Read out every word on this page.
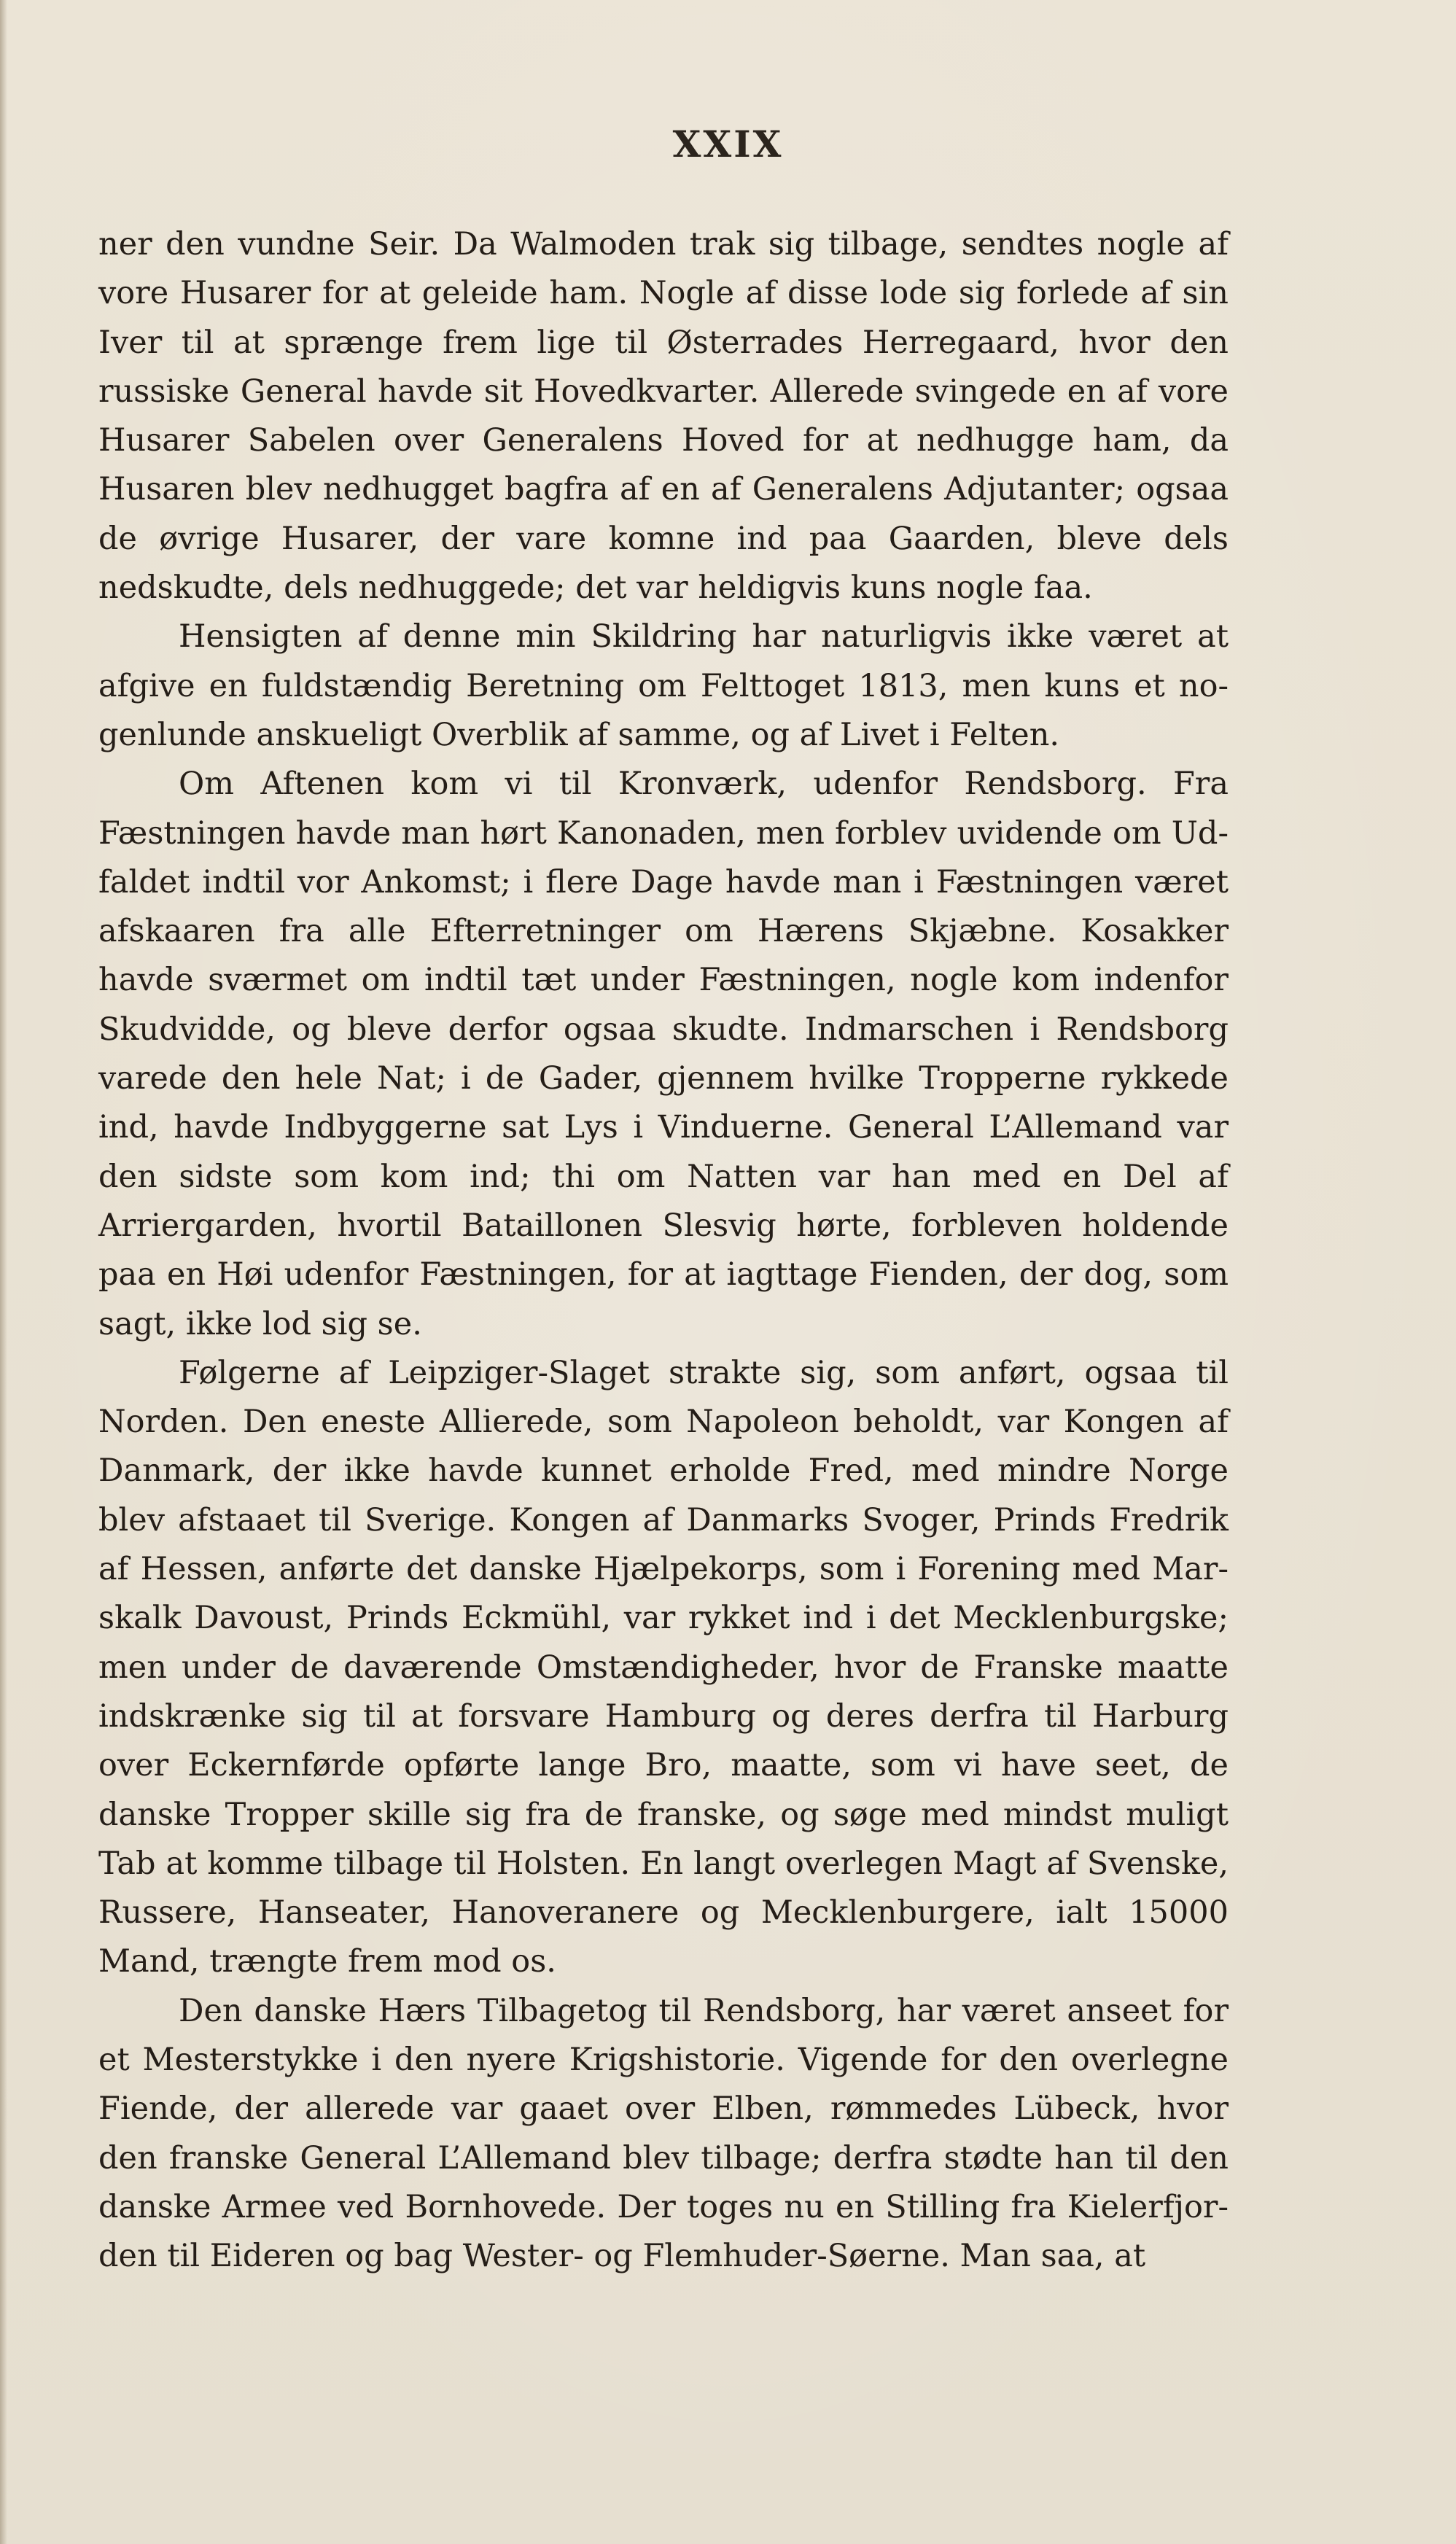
XXIX

ner den vundne Seir. Da Walmoden trak sig tilbage, sendtes nogle af vore Husarer for at geleide ham. Nogle af disse lode sig forlede af sin Iver til at sprænge frem lige til Østerrades Herregaard, hvor den russiske General havde sit Hovedkvarter. Allerede svingede en af vore Husarer Sabelen over Generalens Hoved for at nedhugge ham, da Husaren blev nedhugget bagfra af en af Generalens Adjutanter; ogsaa de øvrige Husarer, der vare komne ind paa Gaarden, bleve dels nedskudte, dels nedhuggede; det var heldigvis kuns nogle faa.

Hensigten af denne min Skildring har naturligvis ikke været at afgive en fuldstændig Beretning om Felttoget 1813, men kuns et nogenlunde anskueligt Overblik af samme, og af Livet i Felten.

Om Aftenen kom vi til Kronværk, udenfor Rendsborg. Fra Fæstningen havde man hørt Kanonaden, men forblev uvidende om Udfaldet indtil vor Ankomst; i flere Dage havde man i Fæstningen været afskaaren fra alle Efterretninger om Hærens Skjæbne. Kosakker havde sværmet om indtil tæt under Fæstningen, nogle kom indenfor Skudvidde, og bleve derfor ogsaa skudte. Indmarschen i Rendsborg varede den hele Nat; i de Gader, gjennem hvilke Tropperne rykkede ind, havde Indbyggerne sat Lys i Vinduerne. General L’Allemand var den sidste som kom ind; thi om Natten var han med en Del af Arriergarden, hvortil Bataillonen Slesvig hørte, forbleven holdende paa en Høi udenfor Fæstningen, for at iagttage Fienden, der dog, som sagt, ikke lod sig se.

Følgerne af Leipziger-Slaget strakte sig, som anført, ogsaa til Norden. Den eneste Allierede, som Napoleon beholdt, var Kongen af Danmark, der ikke havde kunnet erholde Fred, med mindre Norge blev afstaaet til Sverige. Kongen af Danmarks Svoger, Prinds Fredrik af Hessen, anførte det danske Hjælpekorps, som i Forening med Marskalk Davoust, Prinds Eckmühl, var rykket ind i det Mecklenburgske; men under de daværende Omstændigheder, hvor de Franske maatte indskrænke sig til at forsvare Hamburg og deres derfra til Harburg over Eckernførde opførte lange Bro, maatte, som vi have seet, de danske Tropper skille sig fra de franske, og søge med mindst muligt Tab at komme tilbage til Holsten. En langt overlegen Magt af Svenske, Russere, Hanseater, Hanoveranere og Mecklenburgere, ialt 15000 Mand, trængte frem mod os.

Den danske Hærs Tilbagetog til Rendsborg, har været anseet for et Mesterstykke i den nyere Krigshistorie. Vigende for den overlegne Fiende, der allerede var gaaet over Elben, rømmedes Lübeck, hvor den franske General L’Allemand blev tilbage; derfra stødte han til den danske Armee ved Bornhovede. Der toges nu en Stilling fra Kielerfjorden til Eideren og bag Wester- og Flemhuder-Søerne. Man saa, at
